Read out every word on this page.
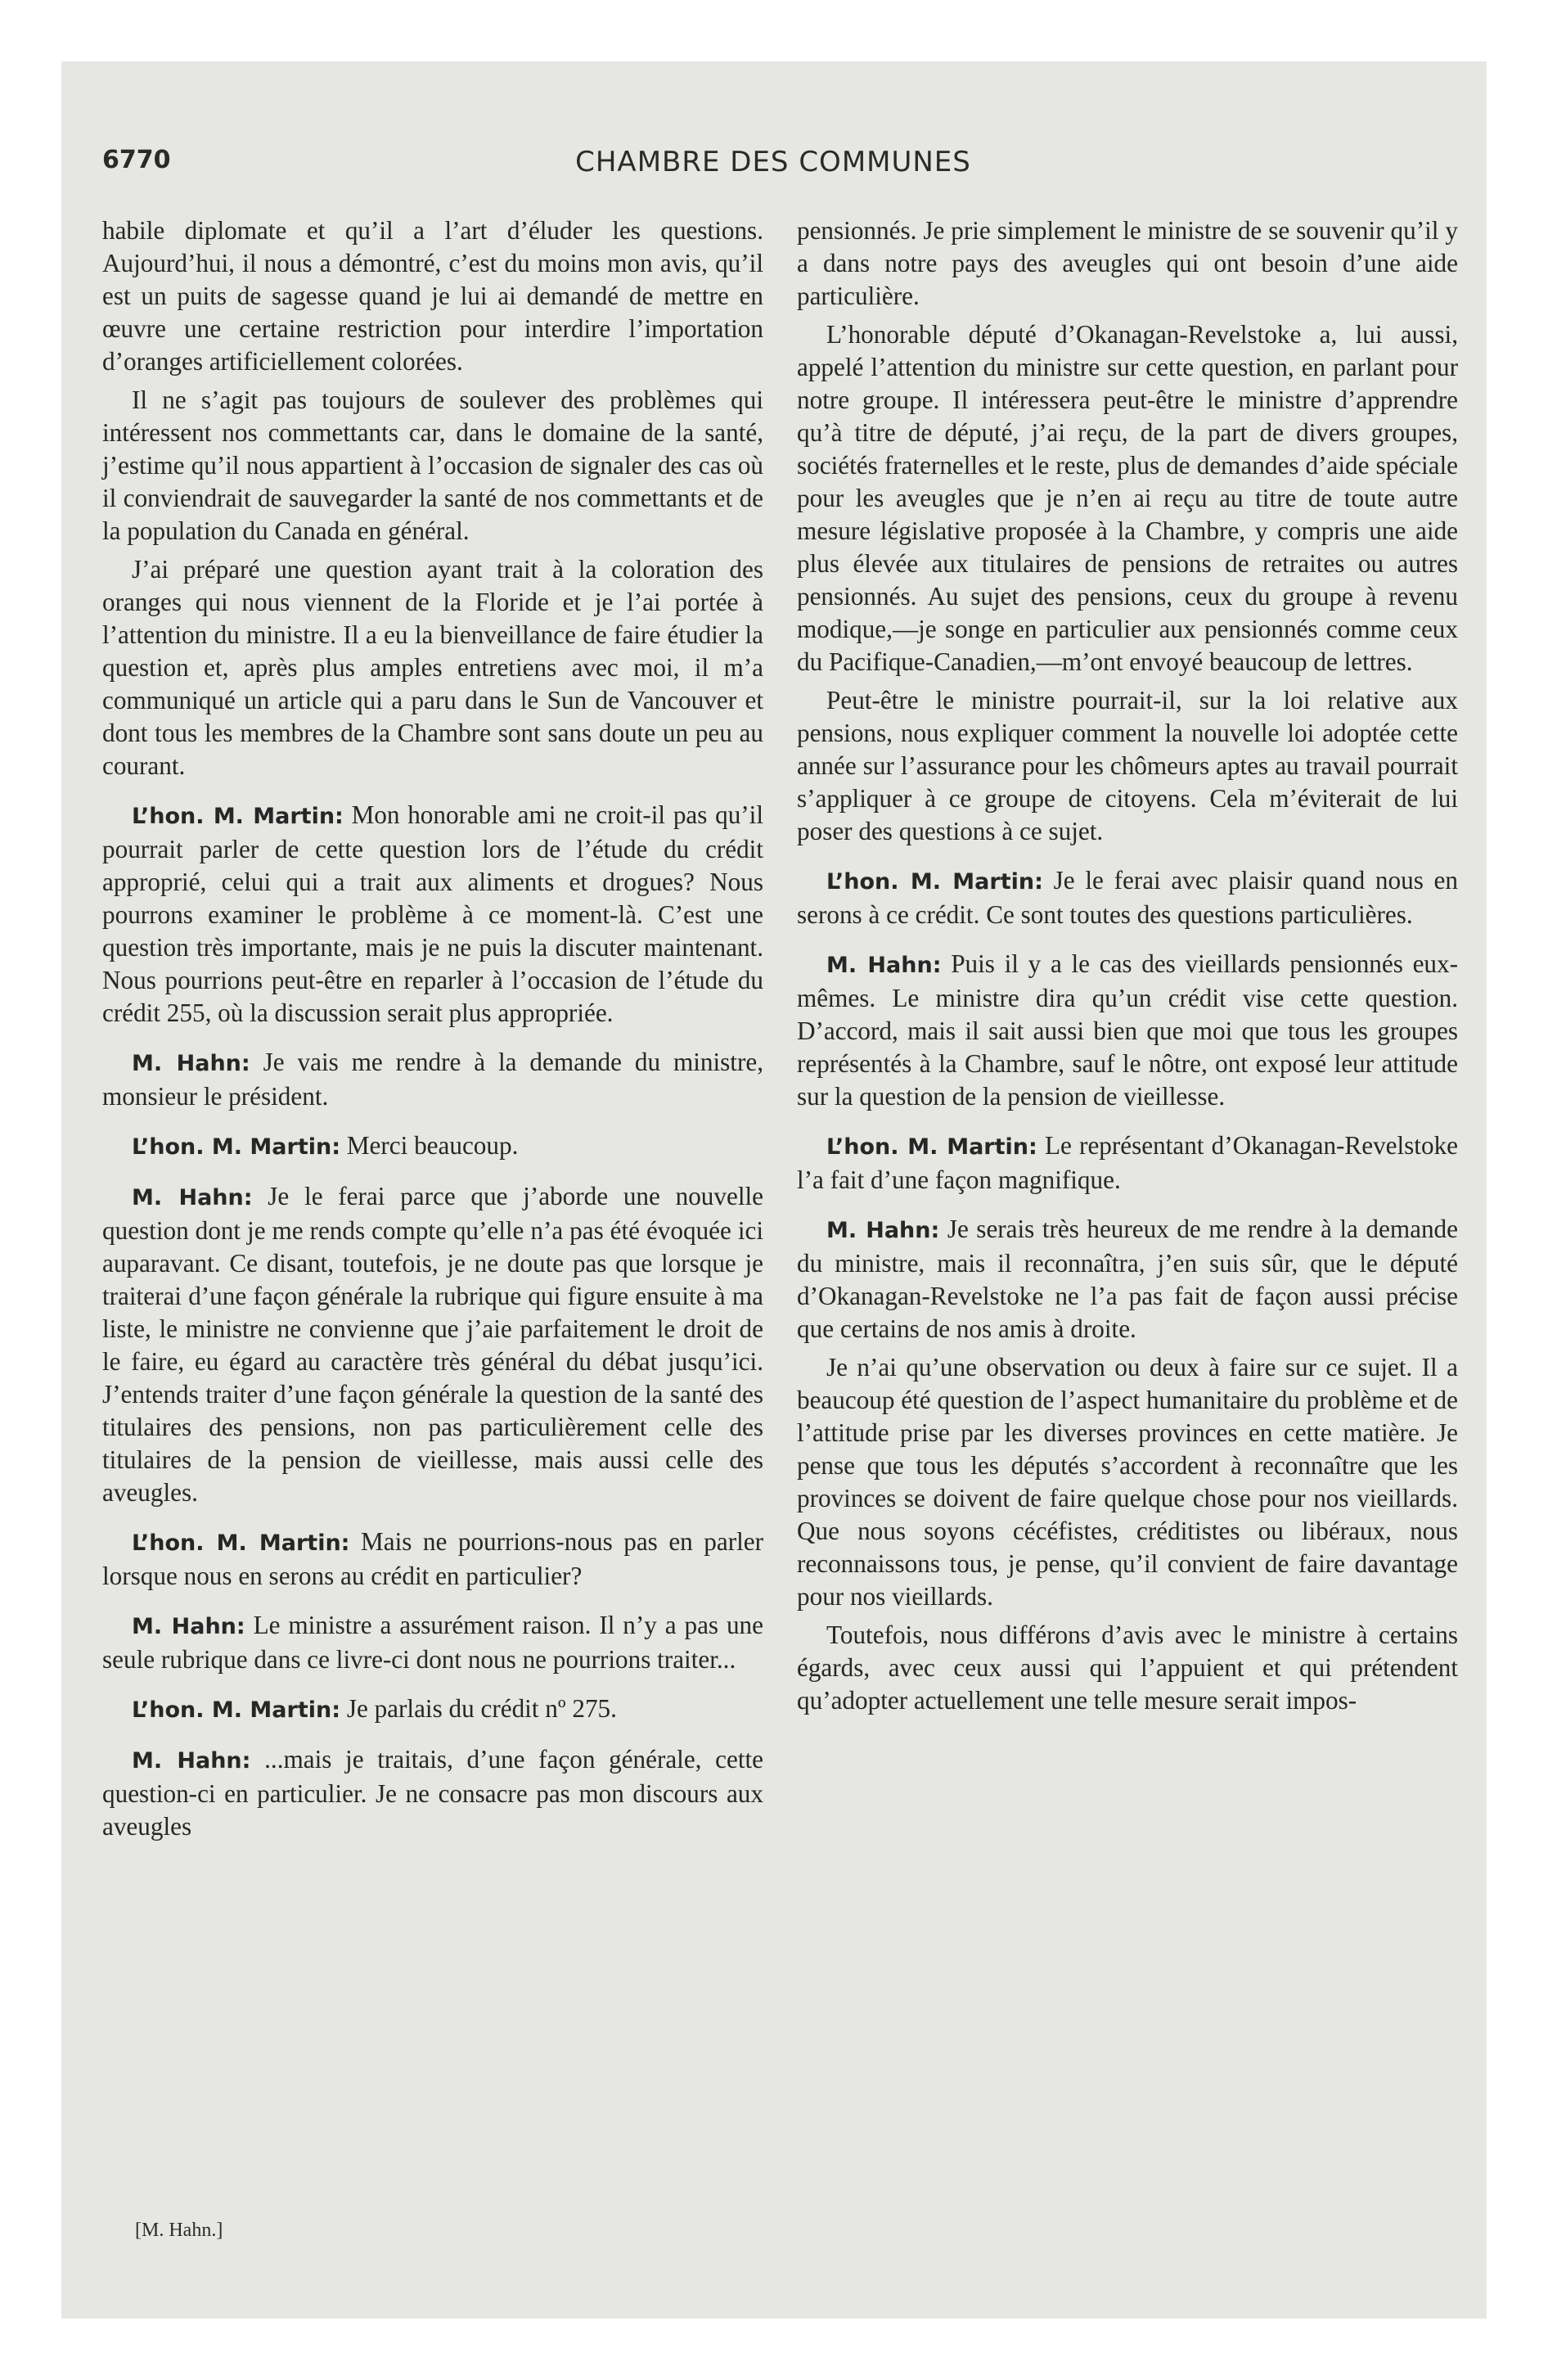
6770	CHAMBRE DES COMMUNES

habile diplomate et qu’il a l’art d’éluder les questions. Aujourd’hui, il nous a démontré, c’est du moins mon avis, qu’il est un puits de sagesse quand je lui ai demandé de mettre en œuvre une certaine restriction pour interdire l’importation d’oranges artificiellement colorées.

Il ne s’agit pas toujours de soulever des problèmes qui intéressent nos commettants car, dans le domaine de la santé, j’estime qu’il nous appartient à l’occasion de signaler des cas où il conviendrait de sauvegarder la santé de nos commettants et de la population du Canada en général.

J’ai préparé une question ayant trait à la coloration des oranges qui nous viennent de la Floride et je l’ai portée à l’attention du ministre. Il a eu la bienveillance de faire étudier la question et, après plus amples entretiens avec moi, il m’a communiqué un article qui a paru dans le Sun de Vancouver et dont tous les membres de la Chambre sont sans doute un peu au courant.

L’hon. M. Martin: Mon honorable ami ne croit-il pas qu’il pourrait parler de cette question lors de l’étude du crédit approprié, celui qui a trait aux aliments et drogues? Nous pourrons examiner le problème à ce moment-là. C’est une question très importante, mais je ne puis la discuter maintenant. Nous pourrions peut-être en reparler à l’occasion de l’étude du crédit 255, où la discussion serait plus appropriée.

M. Hahn: Je vais me rendre à la demande du ministre, monsieur le président.

L’hon. M. Martin: Merci beaucoup.

M. Hahn: Je le ferai parce que j’aborde une nouvelle question dont je me rends compte qu’elle n’a pas été évoquée ici auparavant. Ce disant, toutefois, je ne doute pas que lorsque je traiterai d’une façon générale la rubrique qui figure ensuite à ma liste, le ministre ne convienne que j’aie parfaitement le droit de le faire, eu égard au caractère très général du débat jusqu’ici. J’entends traiter d’une façon générale la question de la santé des titulaires des pensions, non pas particulièrement celle des titulaires de la pension de vieillesse, mais aussi celle des aveugles.

L’hon. M. Martin: Mais ne pourrions-nous pas en parler lorsque nous en serons au crédit en particulier?

M. Hahn: Le ministre a assurément raison. Il n’y a pas une seule rubrique dans ce livre-ci dont nous ne pourrions traiter...

L’hon. M. Martin: Je parlais du crédit nº 275.

M. Hahn: ...mais je traitais, d’une façon générale, cette question-ci en particulier. Je ne consacre pas mon discours aux aveugles

pensionnés. Je prie simplement le ministre de se souvenir qu’il y a dans notre pays des aveugles qui ont besoin d’une aide particulière.

L’honorable député d’Okanagan-Revelstoke a, lui aussi, appelé l’attention du ministre sur cette question, en parlant pour notre groupe. Il intéressera peut-être le ministre d’apprendre qu’à titre de député, j’ai reçu, de la part de divers groupes, sociétés fraternelles et le reste, plus de demandes d’aide spéciale pour les aveugles que je n’en ai reçu au titre de toute autre mesure législative proposée à la Chambre, y compris une aide plus élevée aux titulaires de pensions de retraites ou autres pensionnés. Au sujet des pensions, ceux du groupe à revenu modique,—je songe en particulier aux pensionnés comme ceux du Pacifique-Canadien,—m’ont envoyé beaucoup de lettres.

Peut-être le ministre pourrait-il, sur la loi relative aux pensions, nous expliquer comment la nouvelle loi adoptée cette année sur l’assurance pour les chômeurs aptes au travail pourrait s’appliquer à ce groupe de citoyens. Cela m’éviterait de lui poser des questions à ce sujet.

L’hon. M. Martin: Je le ferai avec plaisir quand nous en serons à ce crédit. Ce sont toutes des questions particulières.

M. Hahn: Puis il y a le cas des vieillards pensionnés eux-mêmes. Le ministre dira qu’un crédit vise cette question. D’accord, mais il sait aussi bien que moi que tous les groupes représentés à la Chambre, sauf le nôtre, ont exposé leur attitude sur la question de la pension de vieillesse.

L’hon. M. Martin: Le représentant d’Okanagan-Revelstoke l’a fait d’une façon magnifique.

M. Hahn: Je serais très heureux de me rendre à la demande du ministre, mais il reconnaîtra, j’en suis sûr, que le député d’Okanagan-Revelstoke ne l’a pas fait de façon aussi précise que certains de nos amis à droite.

Je n’ai qu’une observation ou deux à faire sur ce sujet. Il a beaucoup été question de l’aspect humanitaire du problème et de l’attitude prise par les diverses provinces en cette matière. Je pense que tous les députés s’accordent à reconnaître que les provinces se doivent de faire quelque chose pour nos vieillards. Que nous soyons cécéfistes, créditistes ou libéraux, nous reconnaissons tous, je pense, qu’il convient de faire davantage pour nos vieillards.

Toutefois, nous différons d’avis avec le ministre à certains égards, avec ceux aussi qui l’appuient et qui prétendent qu’adopter actuellement une telle mesure serait impos-

[M. Hahn.]
